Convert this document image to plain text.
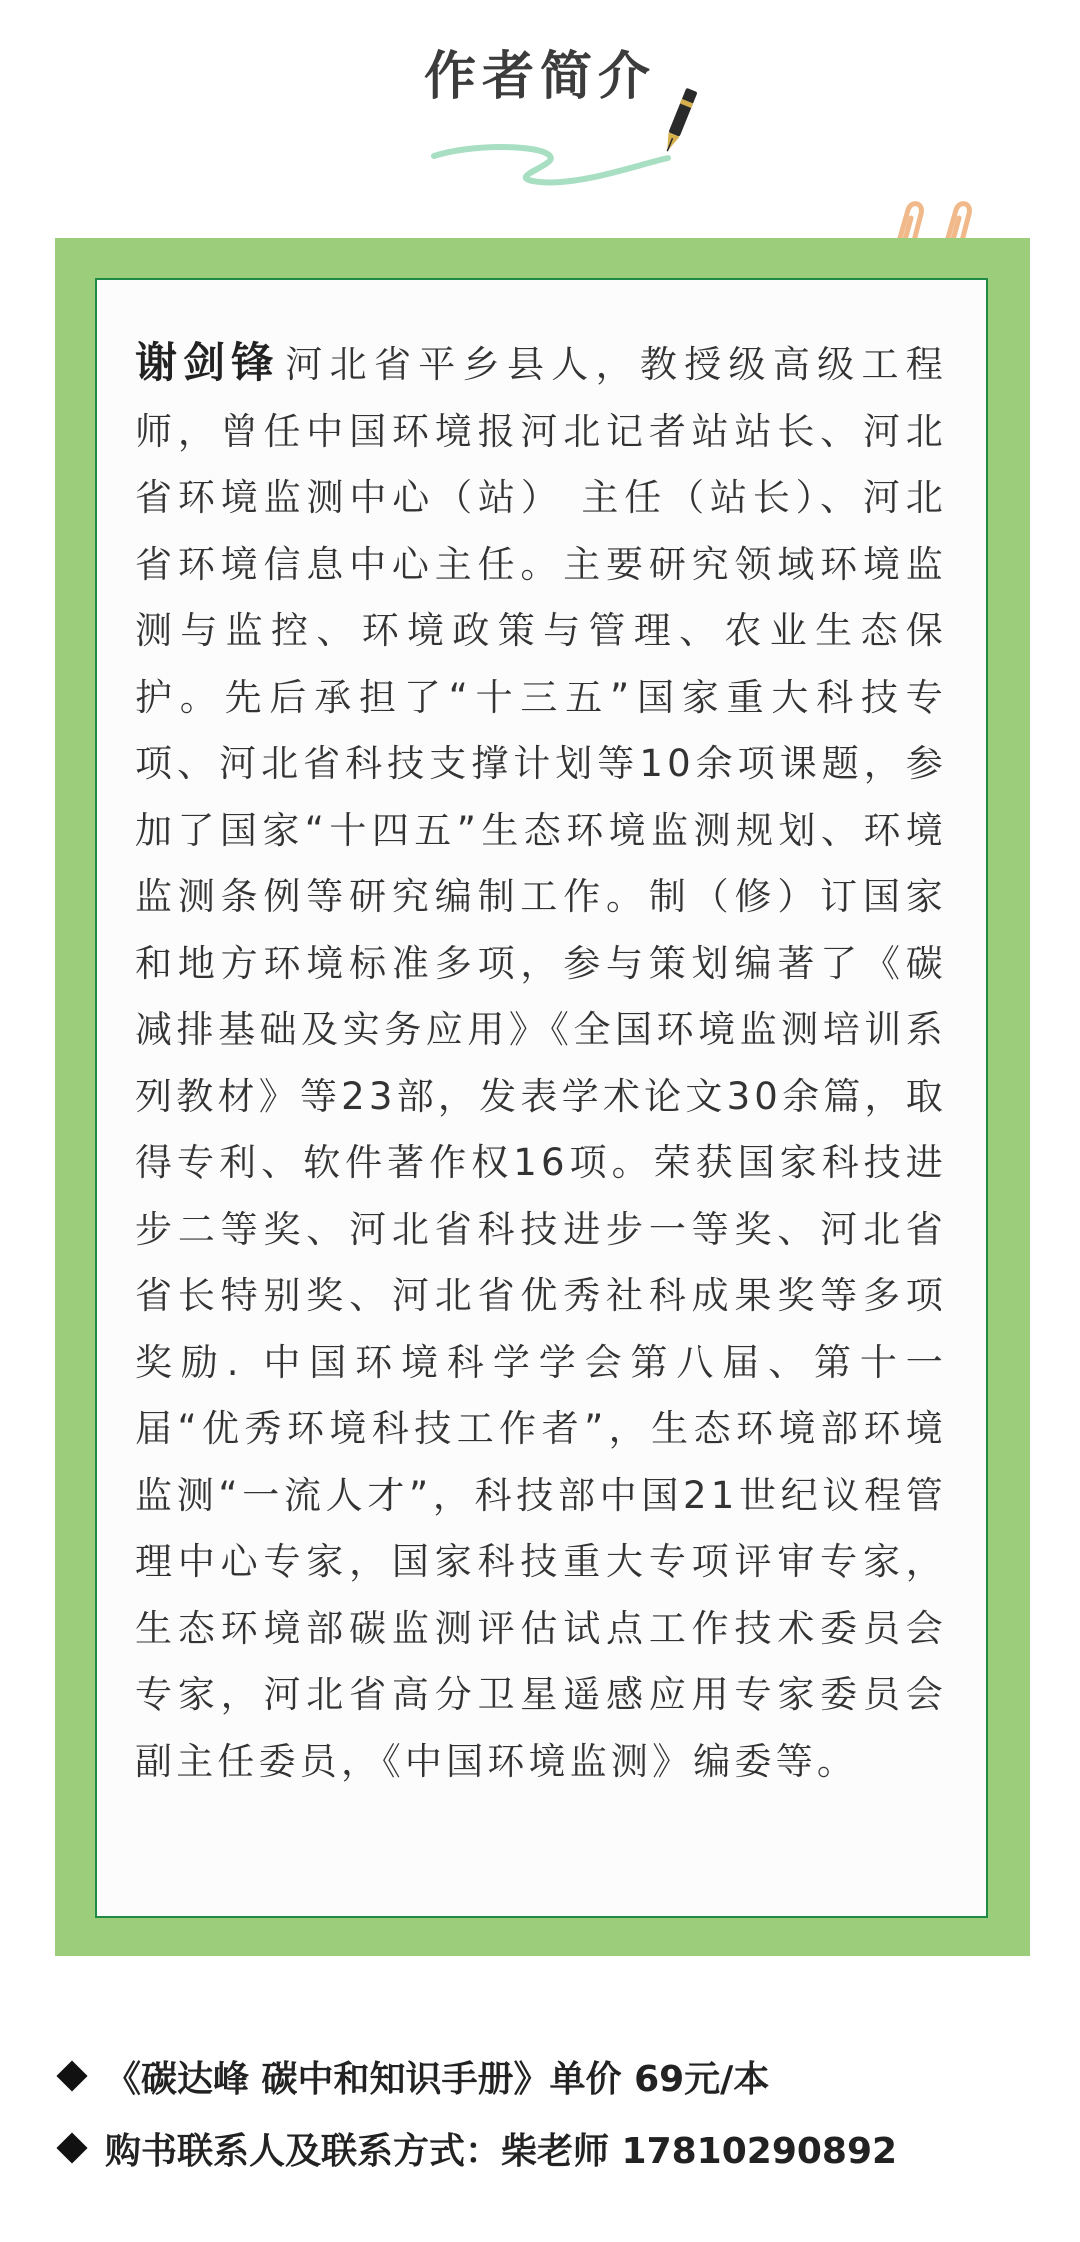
作者简介
谢剑锋 河北省平乡县人，教授级高级工程师，曾任中国环境报河北记者站站长、河北省环境监测中心（站） 主任（站长）、河北省环境信息中心主任。主要研究领域环境监测与监控、环境政策与管理、农业生态保护。先后承担了“十三五”国家重大科技专项、河北省科技支撑计划等10余项课题，参加了国家“十四五”生态环境监测规划、环境监测条例等研究编制工作。制（修）订国家和地方环境标准多项，参与策划编著了《碳减排基础及实务应用》《全国环境监测培训系列教材》等23部，发表学术论文30余篇，取得专利、软件著作权16项。荣获国家科技进步二等奖、河北省科技进步一等奖、河北省省长特别奖、河北省优秀社科成果奖等多项奖励. 中国环境科学学会第八届、第十一届“优秀环境科技工作者”，生态环境部环境监测“一流人才”，科技部中国21世纪议程管理中心专家，国家科技重大专项评审专家，生态环境部碳监测评估试点工作技术委员会专家，河北省高分卫星遥感应用专家委员会副主任委员，《中国环境监测》编委等。
《碳达峰 碳中和知识手册》单价 69元/本
购书联系人及联系方式：柴老师 17810290892
